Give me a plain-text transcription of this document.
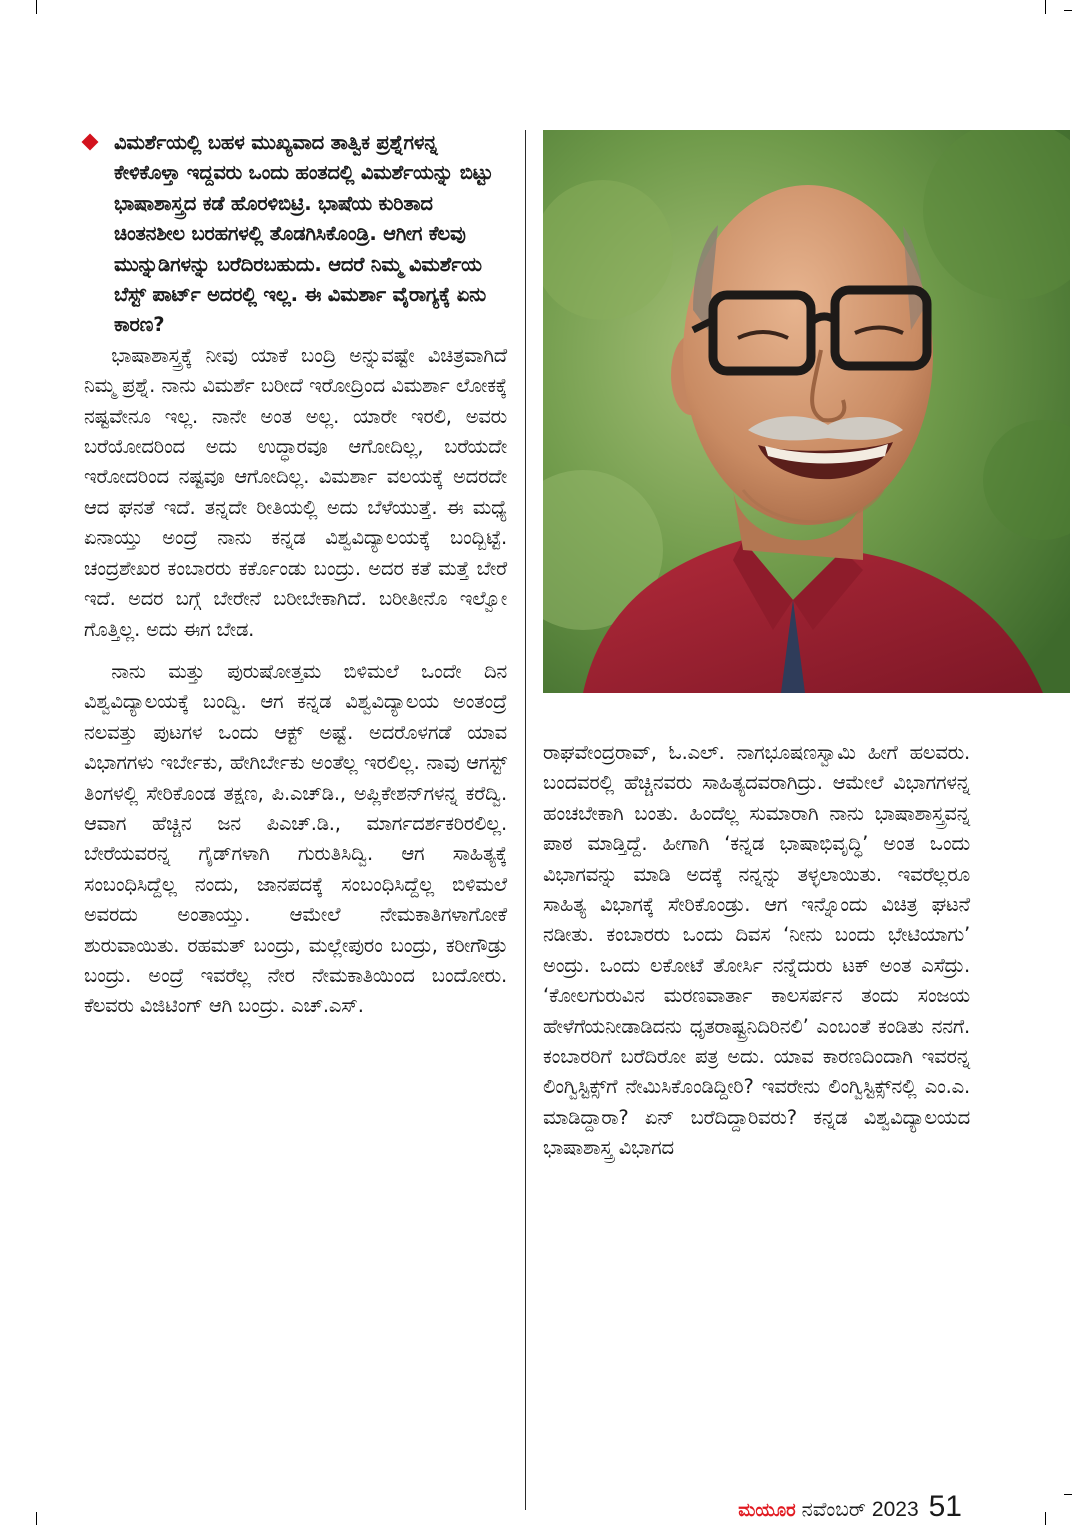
ವಿಮರ್ಶೆಯಲ್ಲಿ ಬಹಳ ಮುಖ್ಯವಾದ ತಾತ್ವಿಕ ಪ್ರಶ್ನೆಗಳನ್ನ ಕೇಳಿಕೊಳ್ತಾ ಇದ್ದವರು ಒಂದು ಹಂತದಲ್ಲಿ ವಿಮರ್ಶೆಯನ್ನು ಬಿಟ್ಟು ಭಾಷಾಶಾಸ್ತ್ರದ ಕಡೆ ಹೊರಳಿಬಿಟ್ರಿ. ಭಾಷೆಯ ಕುರಿತಾದ ಚಿಂತನಶೀಲ ಬರಹಗಳಲ್ಲಿ ತೊಡಗಿಸಿಕೊಂಡ್ರಿ. ಆಗೀಗ ಕೆಲವು ಮುನ್ನುಡಿಗಳನ್ನು ಬರೆದಿರಬಹುದು. ಆದರೆ ನಿಮ್ಮ ವಿಮರ್ಶೆಯ ಬೆಸ್ಟ್ ಪಾರ್ಟ್ ಅದರಲ್ಲಿ ಇಲ್ಲ. ಈ ವಿಮರ್ಶಾ ವೈರಾಗ್ಯಕ್ಕೆ ಏನು ಕಾರಣ?

ಭಾಷಾಶಾಸ್ತ್ರಕ್ಕೆ ನೀವು ಯಾಕೆ ಬಂದ್ರಿ ಅನ್ನುವಷ್ಟೇ ವಿಚಿತ್ರವಾಗಿದೆ ನಿಮ್ಮ ಪ್ರಶ್ನೆ. ನಾನು ವಿಮರ್ಶೆ ಬರೀದೆ ಇರೋದ್ರಿಂದ ವಿಮರ್ಶಾ ಲೋಕಕ್ಕೆ ನಷ್ಟವೇನೂ ಇಲ್ಲ. ನಾನೇ ಅಂತ ಅಲ್ಲ. ಯಾರೇ ಇರಲಿ, ಅವರು ಬರೆಯೋದರಿಂದ ಅದು ಉದ್ಧಾರವೂ ಆಗೋದಿಲ್ಲ, ಬರೆಯದೇ ಇರೋದರಿಂದ ನಷ್ಟವೂ ಆಗೋದಿಲ್ಲ. ವಿಮರ್ಶಾ ವಲಯಕ್ಕೆ ಅದರದೇ ಆದ ಘನತೆ ಇದೆ. ತನ್ನದೇ ರೀತಿಯಲ್ಲಿ ಅದು ಬೆಳೆಯುತ್ತೆ. ಈ ಮಧ್ಯೆ ಏನಾಯ್ತು ಅಂದ್ರೆ ನಾನು ಕನ್ನಡ ವಿಶ್ವವಿದ್ಯಾಲಯಕ್ಕೆ ಬಂದ್ಬಿಟ್ಟೆ. ಚಂದ್ರಶೇಖರ ಕಂಬಾರರು ಕರ್ಕೊಂಡು ಬಂದ್ರು. ಅದರ ಕತೆ ಮತ್ತೆ ಬೇರೆ ಇದೆ. ಅದರ ಬಗ್ಗೆ ಬೇರೇನೆ ಬರೀಬೇಕಾಗಿದೆ. ಬರೀತೀನೊ ಇಲ್ವೋ ಗೊತ್ತಿಲ್ಲ. ಅದು ಈಗ ಬೇಡ.

ನಾನು ಮತ್ತು ಪುರುಷೋತ್ತಮ ಬಿಳಿಮಲೆ ಒಂದೇ ದಿನ ವಿಶ್ವವಿದ್ಯಾಲಯಕ್ಕೆ ಬಂದ್ವಿ. ಆಗ ಕನ್ನಡ ವಿಶ್ವವಿದ್ಯಾಲಯ ಅಂತಂದ್ರೆ ನಲವತ್ತು ಪುಟಗಳ ಒಂದು ಆಕ್ಟ್ ಅಷ್ಟೆ. ಅದರೊಳಗಡೆ ಯಾವ ವಿಭಾಗಗಳು ಇರ್ಬೇಕು, ಹೇಗಿರ್ಬೇಕು ಅಂತೆಲ್ಲ ಇರಲಿಲ್ಲ. ನಾವು ಆಗಸ್ಟ್ ತಿಂಗಳಲ್ಲಿ ಸೇರಿಕೊಂಡ ತಕ್ಷಣ, ಪಿ.ಎಚ್‌ಡಿ., ಅಪ್ಲಿಕೇಶನ್‌ಗಳನ್ನ ಕರೆದ್ವಿ. ಆವಾಗ ಹೆಚ್ಚಿನ ಜನ ಪಿಎಚ್.ಡಿ., ಮಾರ್ಗದರ್ಶಕರಿರಲಿಲ್ಲ. ಬೇರೆಯವರನ್ನ ಗೈಡ್‌ಗಳಾಗಿ ಗುರುತಿಸಿದ್ವಿ. ಆಗ ಸಾಹಿತ್ಯಕ್ಕೆ ಸಂಬಂಧಿಸಿದ್ದೆಲ್ಲ ನಂದು, ಜಾನಪದಕ್ಕೆ ಸಂಬಂಧಿಸಿದ್ದೆಲ್ಲ ಬಿಳಿಮಲೆ ಅವರದು ಅಂತಾಯ್ತು. ಆಮೇಲೆ ನೇಮಕಾತಿಗಳಾಗೋಕೆ ಶುರುವಾಯಿತು. ರಹಮತ್ ಬಂದ್ರು, ಮಲ್ಲೇಪುರಂ ಬಂದ್ರು, ಕರೀಗೌಡ್ರು ಬಂದ್ರು. ಅಂದ್ರೆ ಇವರೆಲ್ಲ ನೇರ ನೇಮಕಾತಿಯಿಂದ ಬಂದೋರು. ಕೆಲವರು ವಿಜಿಟಿಂಗ್ ಆಗಿ ಬಂದ್ರು. ಎಚ್.ಎಸ್.

ರಾಘವೇಂದ್ರರಾವ್, ಓ.ಎಲ್. ನಾಗಭೂಷಣಸ್ವಾಮಿ ಹೀಗೆ ಹಲವರು. ಬಂದವರಲ್ಲಿ ಹೆಚ್ಚಿನವರು ಸಾಹಿತ್ಯದವರಾಗಿದ್ರು. ಆಮೇಲೆ ವಿಭಾಗಗಳನ್ನ ಹಂಚಬೇಕಾಗಿ ಬಂತು. ಹಿಂದೆಲ್ಲ ಸುಮಾರಾಗಿ ನಾನು ಭಾಷಾಶಾಸ್ತ್ರವನ್ನ ಪಾಠ ಮಾಡ್ತಿದ್ದೆ. ಹೀಗಾಗಿ ‘ಕನ್ನಡ ಭಾಷಾಭಿವೃದ್ಧಿ’ ಅಂತ ಒಂದು ವಿಭಾಗವನ್ನು ಮಾಡಿ ಅದಕ್ಕೆ ನನ್ನನ್ನು ತಳ್ಳಲಾಯಿತು. ಇವರೆಲ್ಲರೂ ಸಾಹಿತ್ಯ ವಿಭಾಗಕ್ಕೆ ಸೇರಿಕೊಂಡ್ರು. ಆಗ ಇನ್ನೊಂದು ವಿಚಿತ್ರ ಘಟನೆ ನಡೀತು. ಕಂಬಾರರು ಒಂದು ದಿವಸ ‘ನೀನು ಬಂದು ಭೇಟಿಯಾಗು’ ಅಂದ್ರು. ಒಂದು ಲಕೋಟೆ ತೋರ್ಸಿ ನನ್ನೆದುರು ಟಕ್ ಅಂತ ಎಸೆದ್ರು. ‘ಕೋಲಗುರುವಿನ ಮರಣವಾರ್ತಾ ಕಾಲಸರ್ಪನ ತಂದು ಸಂಜಯ ಹೇಳೆಗೆಯನೀಡಾಡಿದನು ಧೃತರಾಷ್ಟ್ರನಿದಿರಿನಲಿ’ ಎಂಬಂತೆ ಕಂಡಿತು ನನಗೆ. ಕಂಬಾರರಿಗೆ ಬರೆದಿರೋ ಪತ್ರ ಅದು. ಯಾವ ಕಾರಣದಿಂದಾಗಿ ಇವರನ್ನ ಲಿಂಗ್ವಿಸ್ಟಿಕ್ಸ್‌ಗೆ ನೇಮಿಸಿಕೊಂಡಿದ್ದೀರಿ? ಇವರೇನು ಲಿಂಗ್ವಿಸ್ಟಿಕ್ಸ್‌ನಲ್ಲಿ ಎಂ.ಎ. ಮಾಡಿದ್ದಾರಾ? ಏನ್ ಬರೆದಿದ್ದಾರಿವರು? ಕನ್ನಡ ವಿಶ್ವವಿದ್ಯಾಲಯದ ಭಾಷಾಶಾಸ್ತ್ರ ವಿಭಾಗದ

ಮಯೂರ ನವೆಂಬರ್ 2023 51
